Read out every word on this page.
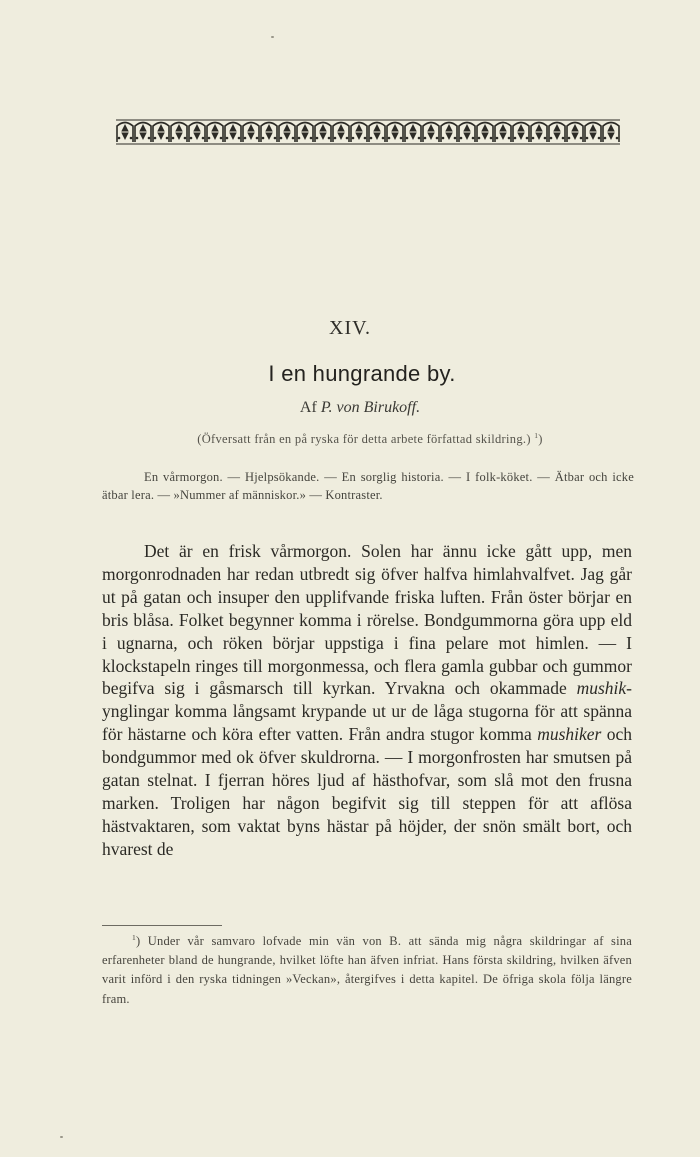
XIV.
I en hungrande by.
Af P. von Birukoff.
(Öfversatt från en på ryska för detta arbete författad skildring.) $^1$)
En vårmorgon. — Hjelpsökande. — En sorglig historia. — I folk-köket. — Ätbar och icke ätbar lera. — »Nummer af människor.» — Kontraster.

Det är en frisk vårmorgon. Solen har ännu icke gått upp, men morgonrodnaden har redan utbredt sig öfver halfva himlahvalfvet. Jag går ut på gatan och insuper den upplifvande friska luften. Från öster börjar en bris blåsa. Folket begynner komma i rörelse. Bondgummorna göra upp eld i ugnarna, och röken börjar uppstiga i fina pelare mot himlen. — I klockstapeln ringes till morgonmessa, och flera gamla gubbar och gummor begifva sig i gåsmarsch till kyrkan. Yrvakna och okammade mushik-ynglingar komma långsamt krypande ut ur de låga stugorna för att spänna för hästarne och köra efter vatten. Från andra stugor komma mushiker och bondgummor med ok öfver skuldrorna. — I morgonfrosten har smutsen på gatan stelnat. I fjerran höres ljud af hästhofvar, som slå mot den frusna marken. Troligen har någon begifvit sig till steppen för att aflösa hästvaktaren, som vaktat byns hästar på höjder, der snön smält bort, och hvarest de

$^1$) Under vår samvaro lofvade min vän von B. att sända mig några skildringar af sina erfarenheter bland de hungrande, hvilket löfte han äfven infriat. Hans första skildring, hvilken äfven varit införd i den ryska tidningen »Veckan», återgifves i detta kapitel. De öfriga skola följa längre fram.
